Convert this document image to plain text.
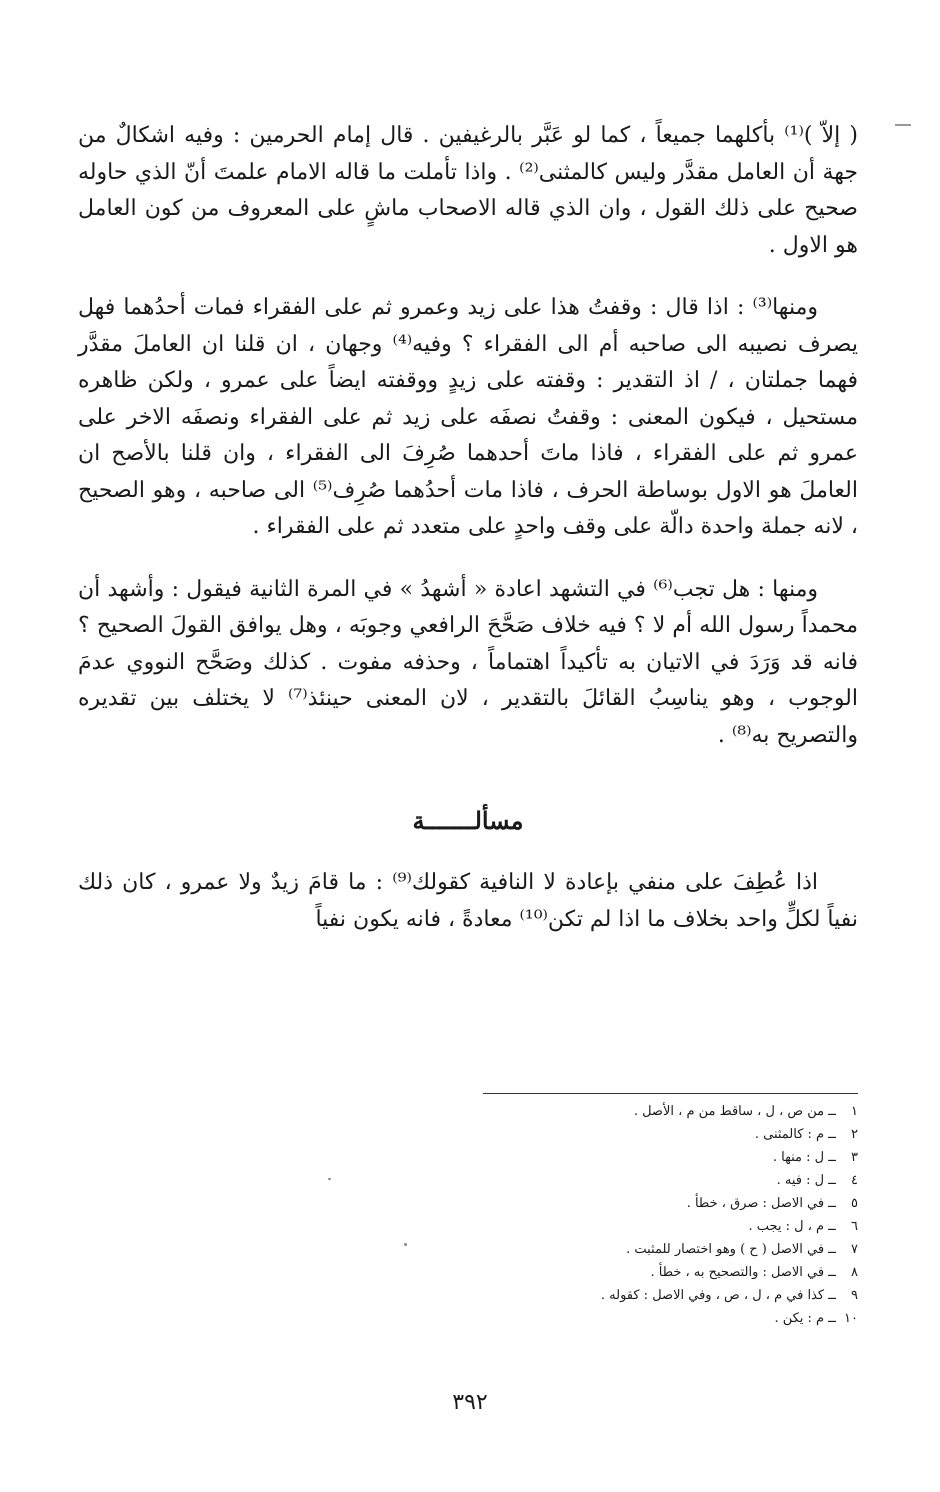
( إلاّ )⁽¹⁾ بأكلهما جميعاً ، كما لو عَبَّر بالرغيفين . قال إمام الحرمين : وفيه اشكالٌ من جهة أن العامل مقدَّر وليس كالمثنى⁽²⁾ . واذا تأملت ما قاله الامام علمتَ أنّ الذي حاوله صحيح على ذلك القول ، وان الذي قاله الاصحاب ماشٍ على المعروف من كون العامل هو الاول .

ومنها⁽³⁾ : اذا قال : وقفتُ هذا على زيد وعمرو ثم على الفقراء فمات أحدُهما فهل يصرف نصيبه الى صاحبه أم الى الفقراء ؟ وفيه⁽⁴⁾ وجهان ، ان قلنا ان العاملَ مقدَّر فهما جملتان ، / اذ التقدير : وقفته على زيدٍ ووقفته ايضاً على عمرو ، ولكن ظاهره مستحيل ، فيكون المعنى : وقفتُ نصفَه على زيد ثم على الفقراء ونصفَه الاخر على عمرو ثم على الفقراء ، فاذا ماتَ أحدهما صُرِفَ الى الفقراء ، وان قلنا بالأصح ان العاملَ هو الاول بوساطة الحرف ، فاذا مات أحدُهما صُرِف⁽⁵⁾ الى صاحبه ، وهو الصحيح ، لانه جملة واحدة دالّة على وقف واحدٍ على متعدد ثم على الفقراء .

ومنها : هل تجب⁽⁶⁾ في التشهد اعادة « أشهدُ » في المرة الثانية فيقول : وأشهد أن محمداً رسول الله أم لا ؟ فيه خلاف صَحَّحَ الرافعي وجوبَه ، وهل يوافق القولَ الصحيح ؟ فانه قد وَرَدَ في الاتيان به تأكيداً اهتماماً ، وحذفه مفوت . كذلك وصَحَّح النووي عدمَ الوجوب ، وهو يناسِبُ القائلَ بالتقدير ، لان المعنى حينئذ⁽⁷⁾ لا يختلف بين تقديره والتصريح به⁽⁸⁾ .

مسألـــــــة

اذا عُطِفَ على منفي بإعادة لا النافية كقولك⁽⁹⁾ : ما قامَ زيدٌ ولا عمرو ، كان ذلك نفياً لكلٍّ واحد بخلاف ما اذا لم تكن⁽¹⁰⁾ معادةً ، فانه يكون نفياً

١ ــ من ص ، ل ، ساقط من م ، الأصل .
٢ ــ م : كالمثنى .
٣ ــ ل : منها .
٤ ــ ل : فيه .
٥ ــ في الاصل : صرق ، خطأ .
٦ ــ م ، ل : يجب .
٧ ــ في الاصل ( ح ) وهو اختصار للمثبت .
٨ ــ في الاصل : والتصحيح به ، خطأ .
٩ ــ كذا في م ، ل ، ص ، وفي الاصل : كقوله .
١٠ ــ م : يكن .
٣٩٢
